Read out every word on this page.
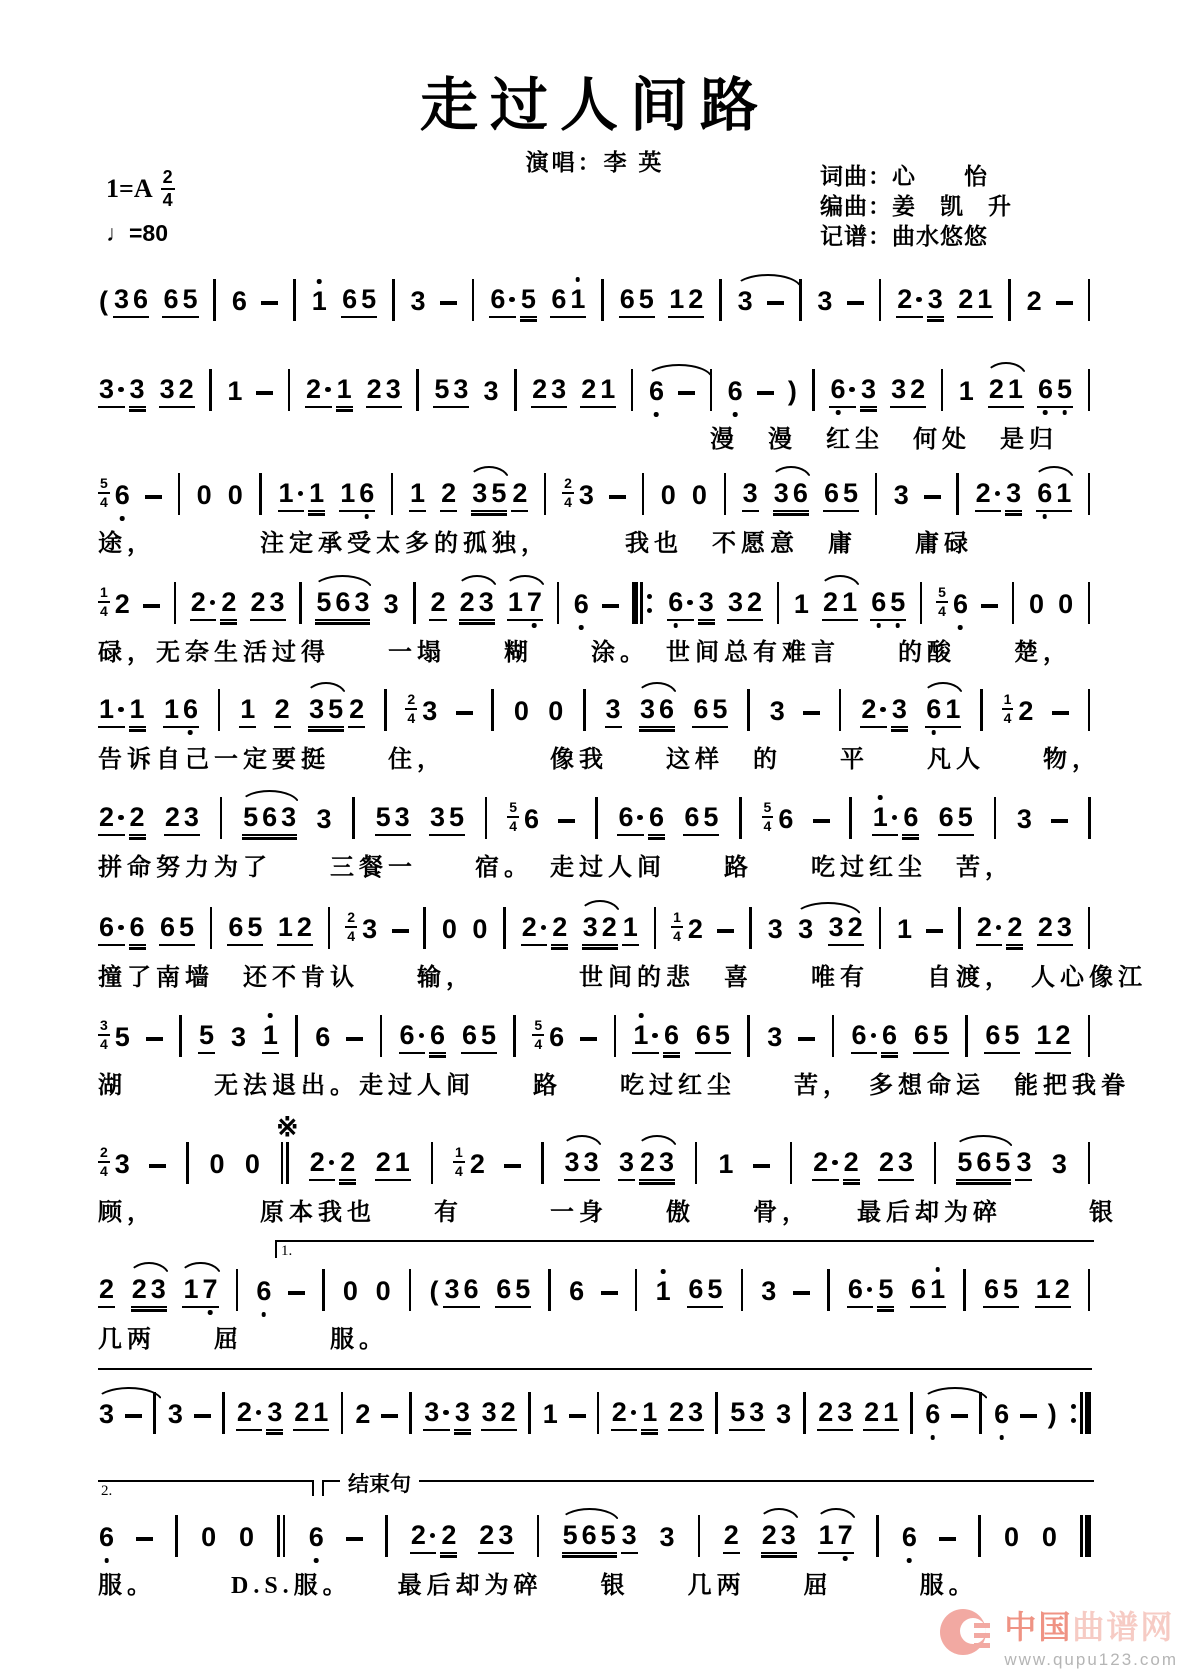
走过人间路
演唱：李 英
$1=A \frac{2}{4}$
♩=80
词曲：心　　怡
编曲：姜　凯　升
记谱：曲水悠悠
( 3 6 6 5 6 1 6 5 3 6 5 6 1 6 5 1 2 3 3 2 3 2 1 2
3 3 3 2 1 2 1 2 3 5 3 3 2 3 2 1 6 6 ) 6 3 3 2 1 2 1 6 5
漫　漫　红尘　何处　是归
$\frac{5}{4} 6$ 0 0 1 1 1 6 1 2 3 5 $2 \frac{2}{4} 3$ 0 0 3 3 6 6 5 3 2 3 6 1
途，　　　　注定承受太多的孤独，　　　我也　不愿意　庸　　庸碌
$\frac{1}{4} 2$ 2 2 2 3 5 6 3 3 2 2 3 1 7 6	6 3 3 2 1 2 1 6 $5 \frac{5}{4} 6$ 0 0
碌，无奈生活过得　　一塌　　糊　　涂。　世间总有难言　　的酸　　楚，
1 1 1 6 1 2 3 5 2	$\frac{2}{4} 3$	0 0 3 3 6 6 5 3	2 3 6 1	$\frac{1}{4} 2$
告诉自己一定要挺　　住，　　　　像我　　这样　的　　平　　凡人　　物，
2 2 2 3 5 6 3 3 5 3 3 5	$\frac{5}{4} 6$	6 6 6 5	$\frac{5}{4} 6$	1 6 6 5 3
拼命努力为了　　三餐一　　宿。　走过人间　　路　　吃过红尘　苦，
6 6 6 5 6 5 1 $2 \frac{2}{4} 3$ 0 0 2 2 3 2 $1 \frac{1}{4} 2$ 3 3 3 2 1 2 2 2 3
撞了南墙　还不肯认　　输，　　　　世间的悲　喜　　唯有　　自渡，　人心像江
$\frac{3}{4} 5$	5 3 1 6	6 6 6 5	$\frac{5}{4} 6$	1 6 6 5 3	6 6 6 5 6 5 1 2
湖　　　无法退出。走过人间　　路　　吃过红尘　　苦，　多想命运　能把我眷
$\frac{2}{4} 3$	0 0 2 2 2 1	$\frac{1}{4} 2$	3 3 3 2 3 1	2 2 2 3 5 6 5 3 3
顾，　　　　原本我也　　有　　　一身　　傲　　骨，　　最后却为碎　　　银
2 2 3 1 7 6	0 0 ( 3 6 6 5 6	1 6 5 3	6 5 6 1 6 5 1 2
几两　　屈　　　服。
3 3 2 3 2 1 2 3 3 3 2 1 2 1 2 3 5 3 3 2 3 2 1 6 6 )
6	0 0 6	2 2 2 3 5 6 5 3 3 2 2 3 1 7 6	0 0
服。　　　D.S.服。　　最后却为碎　　银　　几两　　屈　　　服。
※
1.
2.	结束句
中国曲谱网
www.qupu123.com
